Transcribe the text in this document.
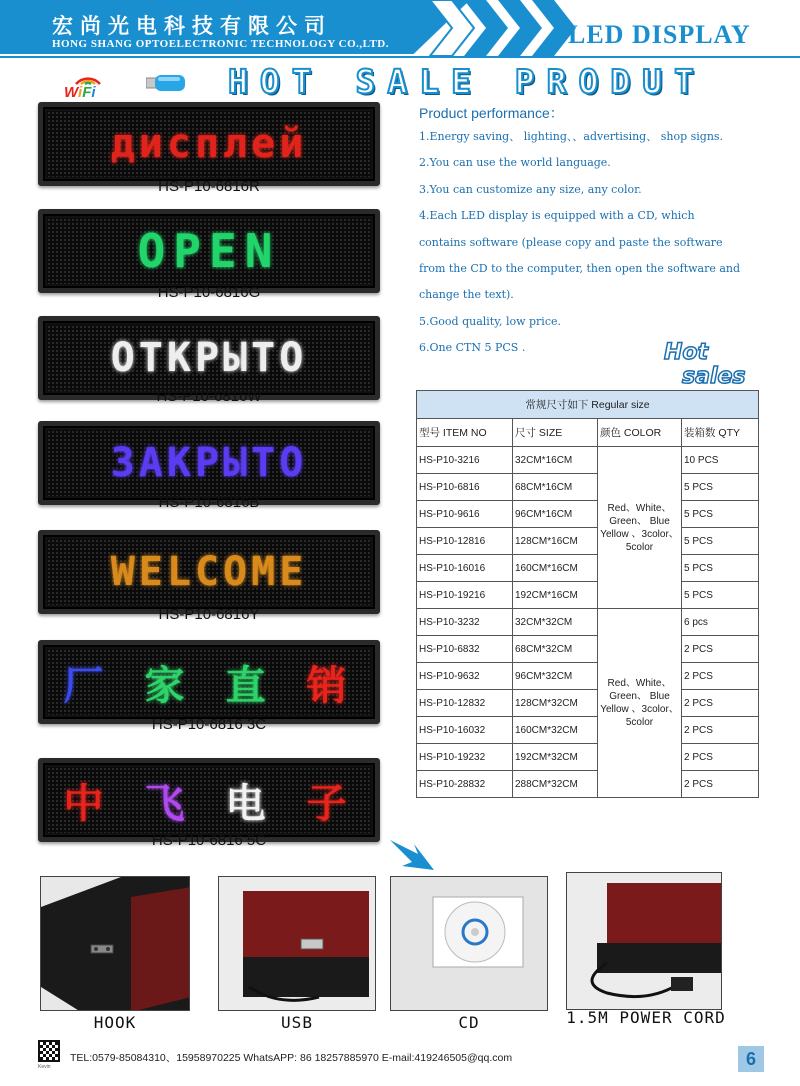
宏尚光电科技有限公司
HONG SHANG OPTOELECTRONIC TECHNOLOGY CO.,LTD.	LED DISPLAY
WiFi	HOT SALE PRODUT
дисплей
HS-P10-6816R
OPEN
HS-P10-6816G
ОТКРЫТО
HS-P10-6816W
ЗАКРЫТО
HS-P10-6816B
WELCOME
HS-P10-6816Y
厂 家 直 销
HS-P10-6816 3C
中 飞 电 子
HS-P10-6816 5C
Product performance：
1.Energy saving、 lighting、、advertising、 shop signs.
2.You can use the world language.
3.You can customize any size, any color.
4.Each LED display is equipped with a CD, which
contains software (please copy and paste the software
from the CD to the computer, then open the software and
change the text).
5.Good quality, low price.
6.One CTN 5 PCS .	Hot
sales
常规尺寸如下 Regular size			
型号 ITEM NO	尺寸 SIZE	颜色 COLOR	装箱数 QTY
HS-P10-3216	32CM*16CM	Red、White、Green、 Blue Yellow 、3color、5color	10 PCS
HS-P10-6816	68CM*16CM		5 PCS
HS-P10-9616	96CM*16CM		5 PCS
HS-P10-12816	128CM*16CM		5 PCS
HS-P10-16016	160CM*16CM		5 PCS
HS-P10-19216	192CM*16CM		5 PCS
HS-P10-3232	32CM*32CM	Red、White、Green、 Blue Yellow 、3color、5color	6 pcs
HS-P10-6832	68CM*32CM		2 PCS
HS-P10-9632	96CM*32CM		2 PCS
HS-P10-12832	128CM*32CM		2 PCS
HS-P10-16032	160CM*32CM		2 PCS
HS-P10-19232	192CM*32CM		2 PCS
HS-P10-28832	288CM*32CM		2 PCS
HOOK	USB	CD	1.5M POWER CORD
Kevin
TEL:0579-85084310、15958970225 WhatsAPP: 86 18257885970 E-mail:419246505@qq.com	6
